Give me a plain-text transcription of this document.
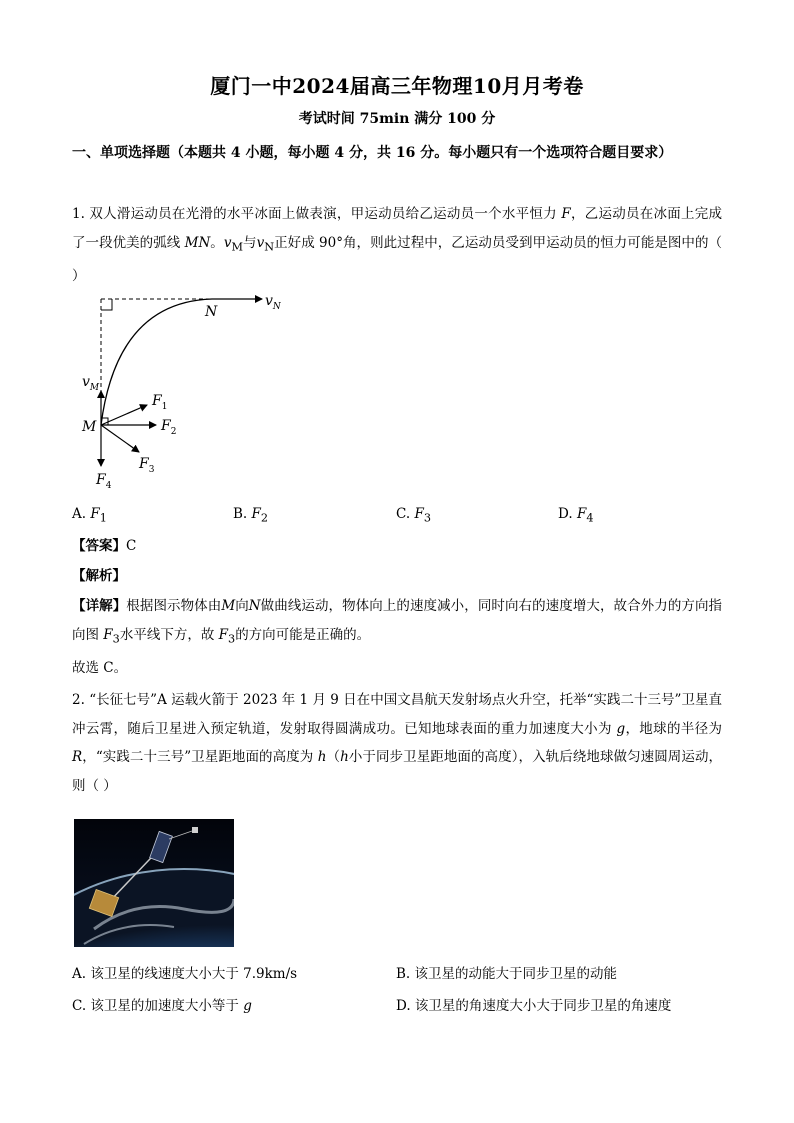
厦门一中2024届高三年物理10月月考卷
考试时间 75min 满分 100 分
一、单项选择题（本题共 4 小题，每小题 4 分，共 16 分。每小题只有一个选项符合题目要求）
1. 双人滑运动员在光滑的水平冰面上做表演，甲运动员给乙运动员一个水平恒力 F，乙运动员在冰面上完成了一段优美的弧线 MN。$v_M$与$v_N$正好成 90°角，则此过程中，乙运动员受到甲运动员的恒力可能是图中的（ ）
$v_N$
N
$v_M$
M
$F_1$
$F_2$
$F_3$
$F_4$
A. $F_1$	B. $F_2$	C. $F_3$	D. $F_4$
【答案】C
【解析】
【详解】根据图示物体由M向N做曲线运动，物体向上的速度减小，同时向右的速度增大，故合外力的方向指向图 $F_3$水平线下方，故 $F_3$的方向可能是正确的。
故选 C。
2. “长征七号”A 运载火箭于 2023 年 1 月 9 日在中国文昌航天发射场点火升空，托举“实践二十三号”卫星直冲云霄，随后卫星进入预定轨道，发射取得圆满成功。已知地球表面的重力加速度大小为 g，地球的半径为 R，“实践二十三号”卫星距地面的高度为 h（h小于同步卫星距地面的高度），入轨后绕地球做匀速圆周运动，则（ ）
A. 该卫星的线速度大小大于 7.9km/s	B. 该卫星的动能大于同步卫星的动能
C. 该卫星的加速度大小等于 g	D. 该卫星的角速度大小大于同步卫星的角速度
